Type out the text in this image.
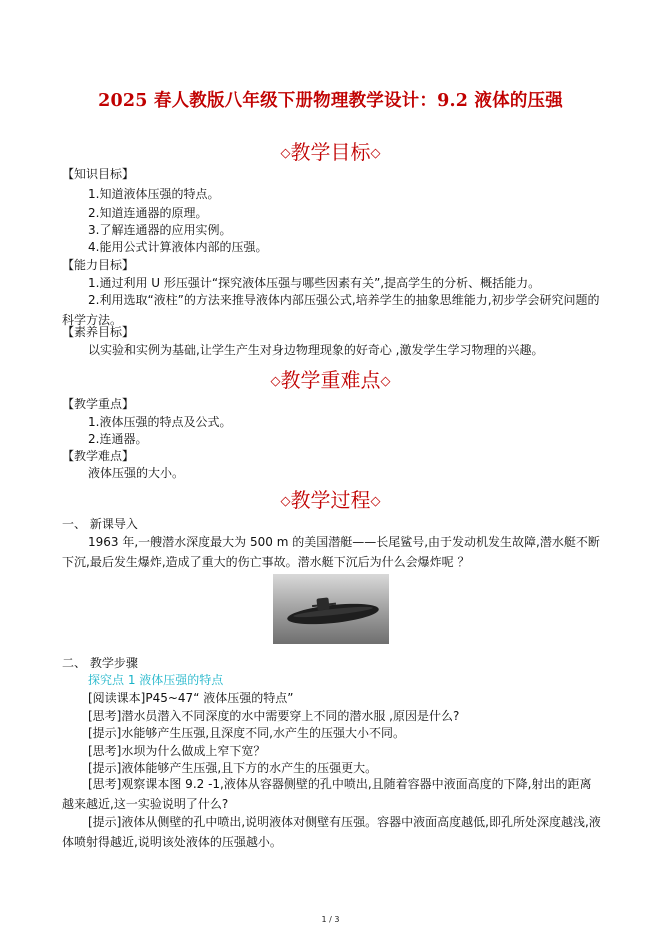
2025 春人教版八年级下册物理教学设计：9.2 液体的压强
◇教学目标◇
【知识目标】
1.知道液体压强的特点。
2.知道连通器的原理。
3.了解连通器的应用实例。
4.能用公式计算液体内部的压强。
【能力目标】
1.通过利用 U 形压强计“探究液体压强与哪些因素有关”,提高学生的分析、概括能力。
2.利用选取“液柱”的方法来推导液体内部压强公式,培养学生的抽象思维能力,初步学会研究问题的科学方法。
【素养目标】
以实验和实例为基础,让学生产生对身边物理现象的好奇心 ,激发学生学习物理的兴趣。
◇教学重难点◇
【教学重点】
1.液体压强的特点及公式。
2.连通器。
【教学难点】
液体压强的大小。
◇教学过程◇
一、 新课导入
1963 年,一艘潜水深度最大为 500 m 的美国潜艇——长尾鲨号,由于发动机发生故障,潜水艇不断下沉,最后发生爆炸,造成了重大的伤亡事故。潜水艇下沉后为什么会爆炸呢 ？
二、 教学步骤
探究点 1 液体压强的特点
[阅读课本]P45~47“ 液体压强的特点”
[思考]潜水员潜入不同深度的水中需要穿上不同的潜水服 ,原因是什么?
[提示]水能够产生压强,且深度不同,水产生的压强大小不同。
[思考]水坝为什么做成上窄下宽？
[提示]液体能够产生压强,且下方的水产生的压强更大。
[思考]观察课本图 9.2 -1,液体从容器侧壁的孔中喷出,且随着容器中液面高度的下降,射出的距离越来越近,这一实验说明了什么?
[提示]液体从侧壁的孔中喷出,说明液体对侧壁有压强。容器中液面高度越低,即孔所处深度越浅,液体喷射得越近,说明该处液体的压强越小。
1 / 3
